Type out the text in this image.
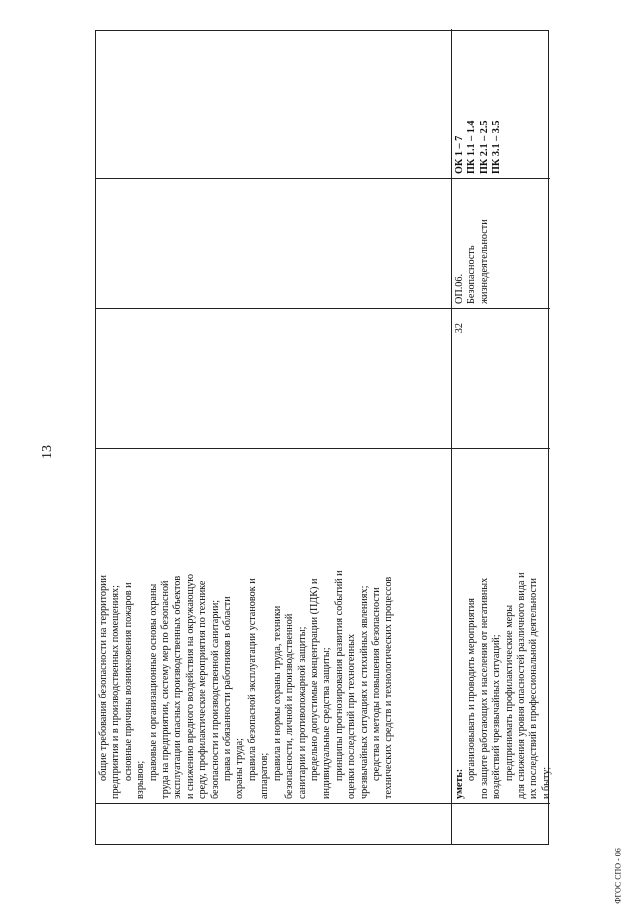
13
общие требования безопасности на территории предприятия и в производственных помещениях; основные причины возникновения пожаров и взрывов; правовые и организационные основы охраны труда на предприятии, систему мер по безопасной эксплуатации опасных производственных объектов и снижению вредного воздействия на окружающую среду, профилактические мероприятия по технике безопасности и производственной санитарии; права и обязанности работников в области охраны труда; правила безопасной эксплуатации установок и аппаратов; правила и нормы охраны труда, техники безопасности, личной и производственной санитарии и противопожарной защиты; предельно допустимые концентрации (ПДК) и индивидуальные средства защиты; принципы прогнозирования развития событий и оценки последствий при техногенных чрезвычайных ситуациях и стихийных явлениях; средства и методы повышения безопасности технических средств и технологических процессов	уметь:
организовывать и проводить мероприятия по защите работающих и населения от негативных воздействий чрезвычайных ситуаций; предпринимать профилактические меры для снижения уровня опасностей различного вида и их последствий в профессиональной деятельности и быту;
32
ОП.06. Безопасность жизнедеятельности
ОК 1 – 7 ПК 1.1 – 1.4 ПК 2.1 – 2.5 ПК 3.1 – 3.5
ФГОС СПО - 06
